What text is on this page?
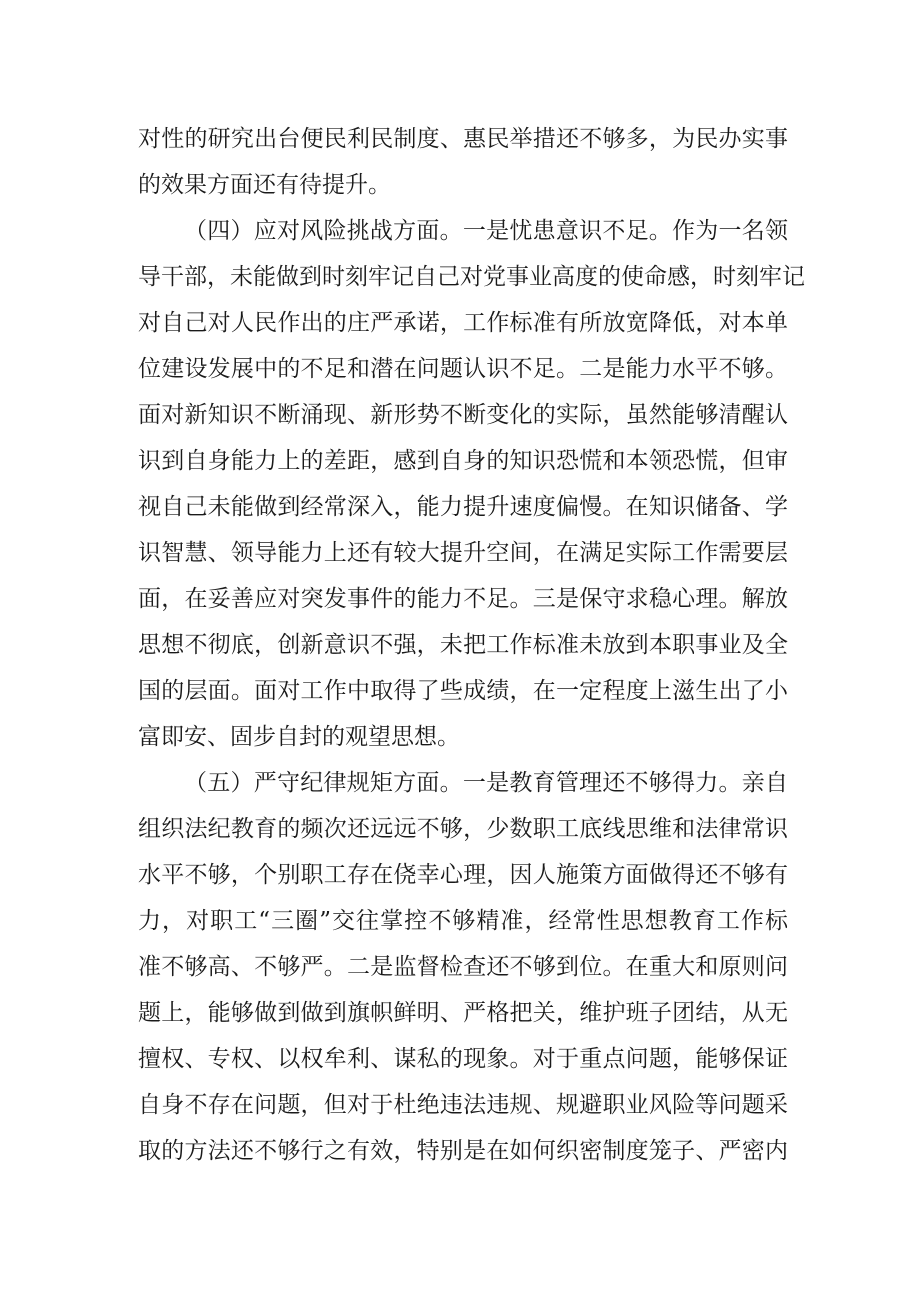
对性的研究出台便民利民制度、惠民举措还不够多，为民办实事
的效果方面还有待提升。
（四）应对风险挑战方面。一是忧患意识不足。作为一名领
导干部，未能做到时刻牢记自己对党事业高度的使命感，时刻牢记
对自己对人民作出的庄严承诺，工作标准有所放宽降低，对本单
位建设发展中的不足和潜在问题认识不足。二是能力水平不够。
面对新知识不断涌现、新形势不断变化的实际，虽然能够清醒认
识到自身能力上的差距，感到自身的知识恐慌和本领恐慌，但审
视自己未能做到经常深入，能力提升速度偏慢。在知识储备、学
识智慧、领导能力上还有较大提升空间，在满足实际工作需要层
面，在妥善应对突发事件的能力不足。三是保守求稳心理。解放
思想不彻底，创新意识不强，未把工作标准未放到本职事业及全
国的层面。面对工作中取得了些成绩，在一定程度上滋生出了小
富即安、固步自封的观望思想。
（五）严守纪律规矩方面。一是教育管理还不够得力。亲自
组织法纪教育的频次还远远不够，少数职工底线思维和法律常识
水平不够，个别职工存在侥幸心理，因人施策方面做得还不够有
力，对职工“三圈”交往掌控不够精准，经常性思想教育工作标
准不够高、不够严。二是监督检查还不够到位。在重大和原则问
题上，能够做到做到旗帜鲜明、严格把关，维护班子团结，从无
擅权、专权、以权牟利、谋私的现象。对于重点问题，能够保证
自身不存在问题，但对于杜绝违法违规、规避职业风险等问题采
取的方法还不够行之有效，特别是在如何织密制度笼子、严密内
